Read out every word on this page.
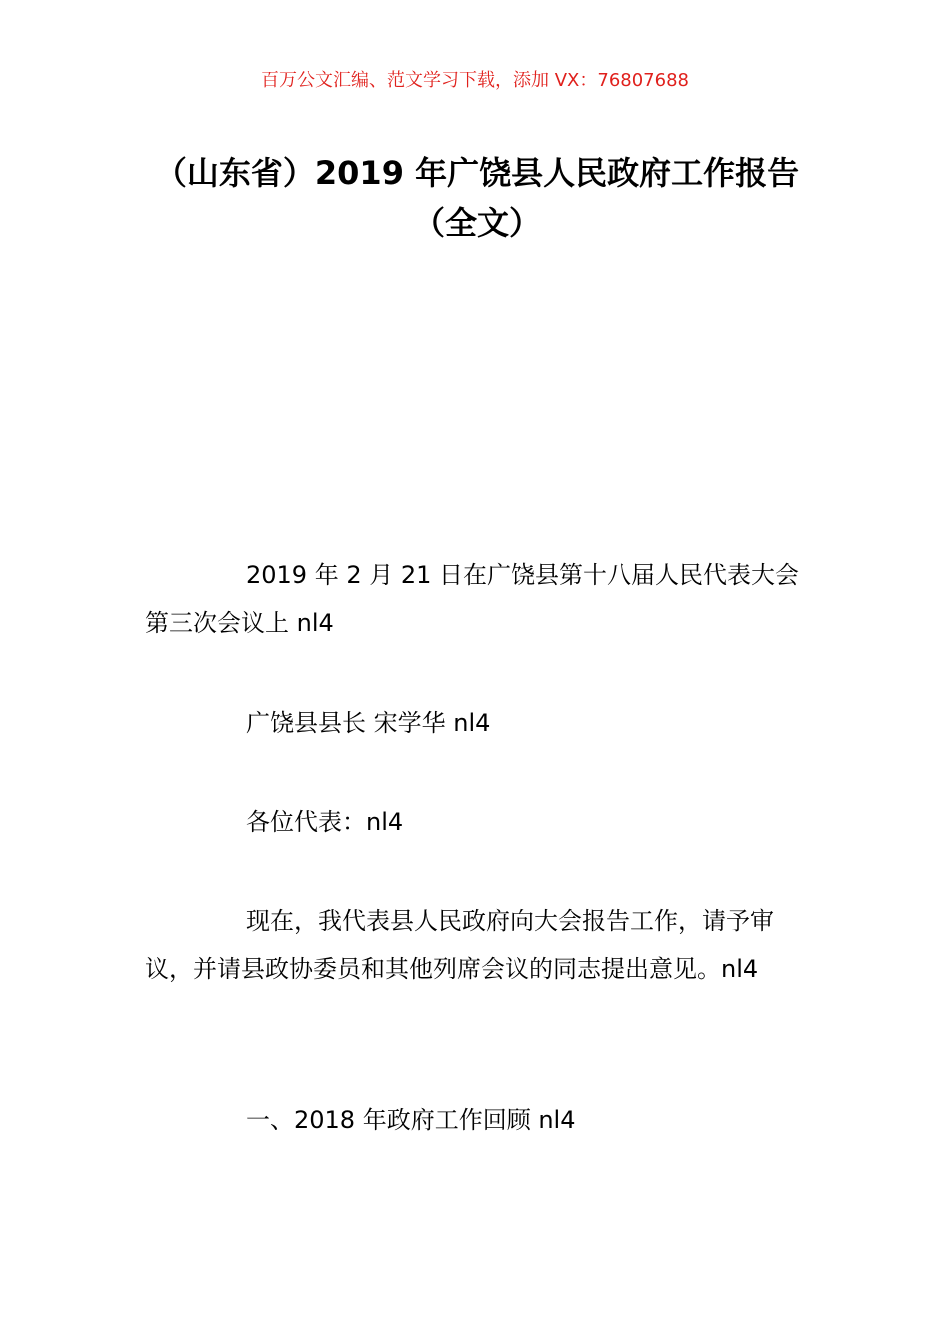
百万公文汇编、范文学习下载，添加 VX：76807688
（山东省）2019 年广饶县人民政府工作报告（全文）

2019 年 2 月 21 日在广饶县第十八届人民代表大会第三次会议上 nl4

广饶县县长 宋学华 nl4

各位代表：nl4

现在，我代表县人民政府向大会报告工作，请予审议，并请县政协委员和其他列席会议的同志提出意见。nl4

一、2018 年政府工作回顾 nl4
